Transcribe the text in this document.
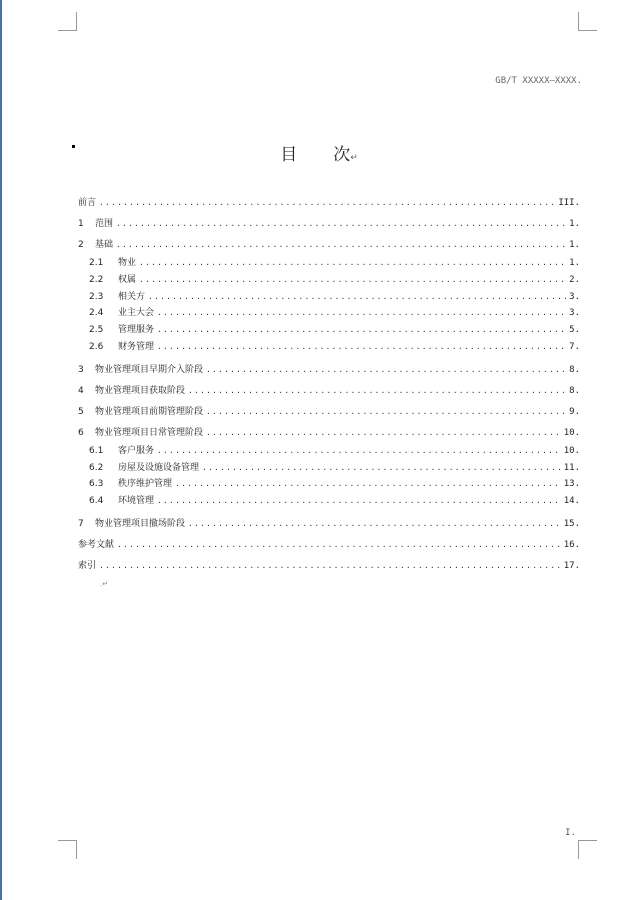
GB/T XXXXX—XXXX.
目 次↵
前言 .....	III.
1	范围 .....	1.
2	基础 .....	1.
2.1	物业 .....	1.
2.2	权属 .....	2.
2.3	相关方 .....	3.
2.4	业主大会 .....	3.
2.5	管理服务 .....	5.
2.6	财务管理 .....	7.
3	物业管理项目早期介入阶段 .....	8.
4	物业管理项目获取阶段 .....	8.
5	物业管理项目前期管理阶段 .....	9.
6	物业管理项目日常管理阶段 .....	10.
6.1	客户服务 .....	10.
6.2	房屋及设施设备管理 .....	11.
6.3	秩序维护管理 .....	13.
6.4	环境管理 .....	14.
7	物业管理项目撤场阶段 .....	15.
参考文献 .....	16.
索引 .....	17.
.↵
I.
